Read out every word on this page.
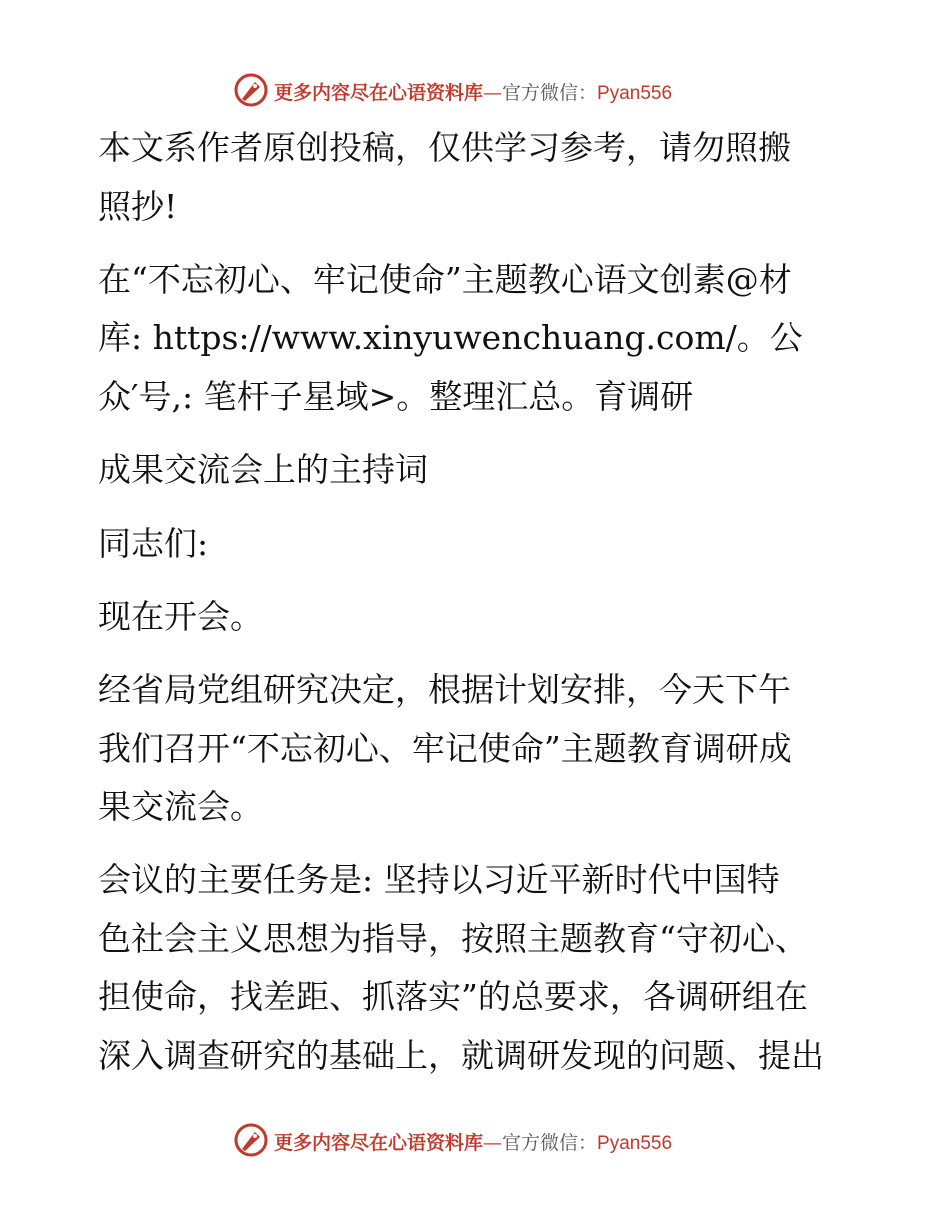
更多内容尽在心语资料库—官方微信：Pyan556
本文系作者原创投稿，仅供学习参考，请勿照搬
照抄!
在“不忘初心、牢记使命”主题教心语文创素@材
库: https://www.xinyuwenchuang.com/。公
众′号,: 笔杆子星域>。整理汇总。育调研
成果交流会上的主持词
同志们:
现在开会。
经省局党组研究决定，根据计划安排，今天下午
我们召开“不忘初心、牢记使命”主题教育调研成
果交流会。
会议的主要任务是: 坚持以习近平新时代中国特
色社会主义思想为指导，按照主题教育“守初心、
担使命，找差距、抓落实”的总要求，各调研组在
深入调查研究的基础上，就调研发现的问题、提出
更多内容尽在心语资料库—官方微信：Pyan556
